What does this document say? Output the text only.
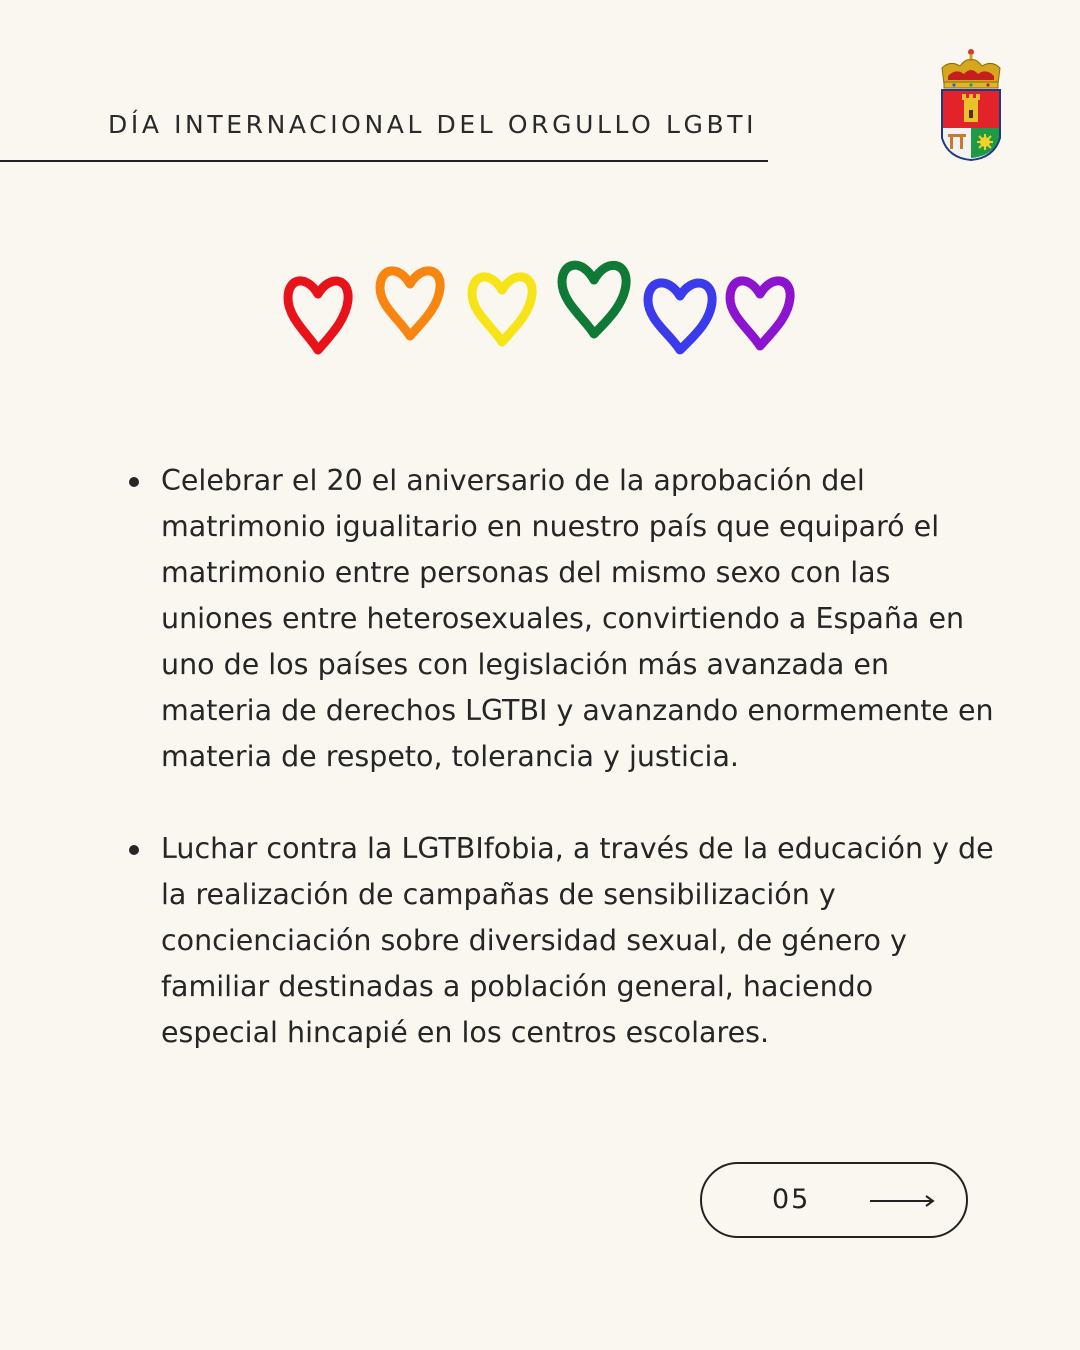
DÍA INTERNACIONAL DEL ORGULLO LGBTI
Celebrar el 20 el aniversario de la aprobación del matrimonio igualitario en nuestro país que equiparó el matrimonio entre personas del mismo sexo con las uniones entre heterosexuales, convirtiendo a España en uno de los países con legislación más avanzada en materia de derechos LGTBI y avanzando enormemente en materia de respeto, tolerancia y justicia.
Luchar contra la LGTBIfobia, a través de la educación y de la realización de campañas de sensibilización y concienciación sobre diversidad sexual, de género y familiar destinadas a población general, haciendo especial hincapié en los centros escolares.
05
